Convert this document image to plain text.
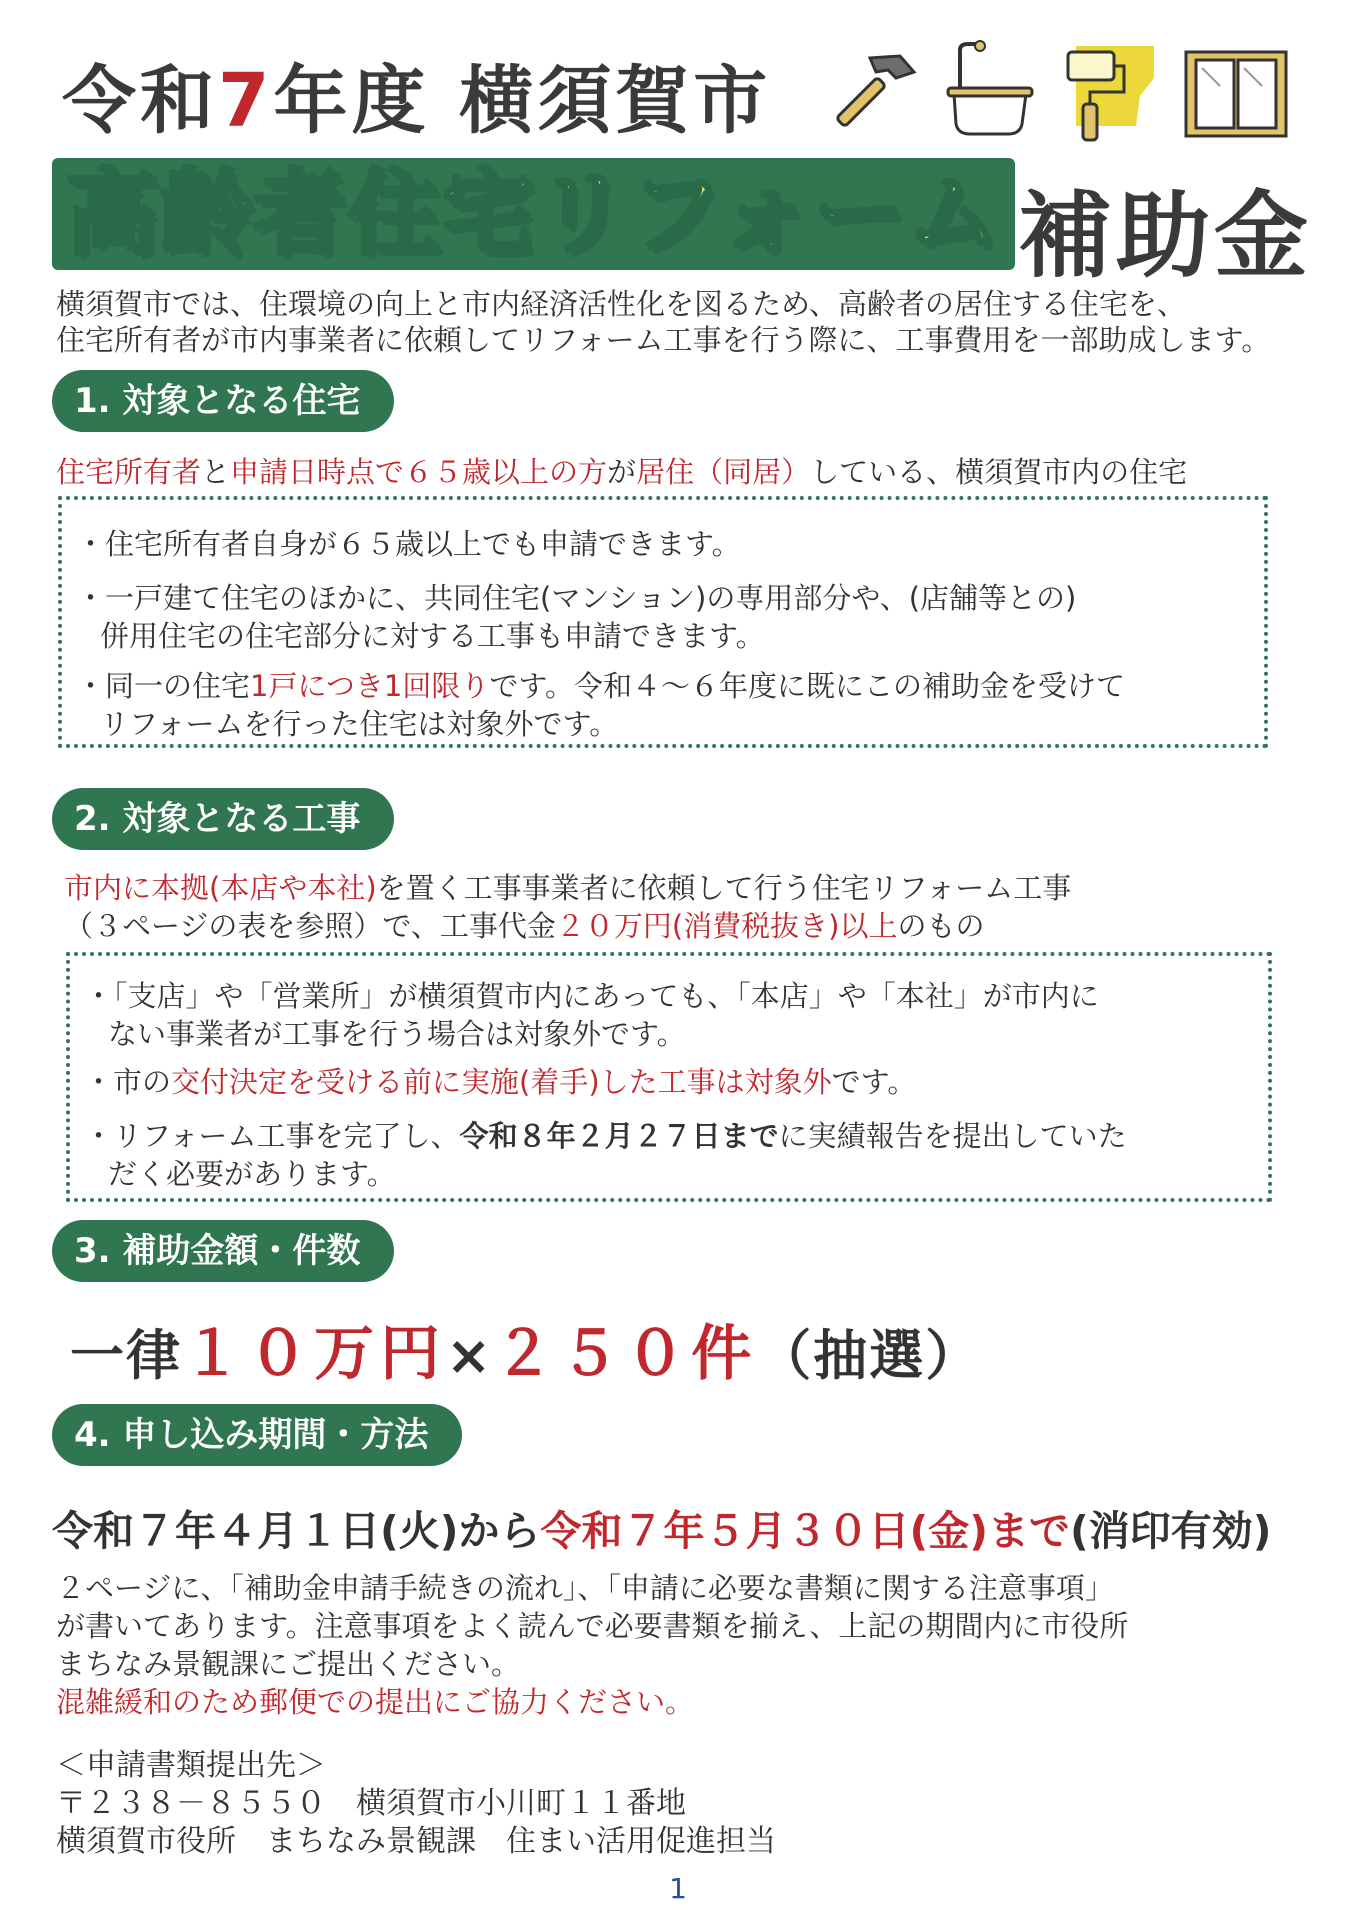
令和7年度 横須賀市
高齢者住宅リフォーム 補助金
横須賀市では、住環境の向上と市内経済活性化を図るため、高齢者の居住する住宅を、
住宅所有者が市内事業者に依頼してリフォーム工事を行う際に、工事費用を一部助成します。
1. 対象となる住宅
住宅所有者と申請日時点で６５歳以上の方が居住（同居）している、横須賀市内の住宅
・住宅所有者自身が６５歳以上でも申請できます。
・一戸建て住宅のほかに、共同住宅(マンション)の専用部分や、(店舗等との)
併用住宅の住宅部分に対する工事も申請できます。
・同一の住宅1戸につき1回限りです。令和４～６年度に既にこの補助金を受けて
リフォームを行った住宅は対象外です。
2. 対象となる工事
市内に本拠(本店や本社)を置く工事事業者に依頼して行う住宅リフォーム工事
（３ページの表を参照）で、工事代金２０万円(消費税抜き)以上のもの
・「支店」や「営業所」が横須賀市内にあっても、「本店」や「本社」が市内に
ない事業者が工事を行う場合は対象外です。
・市の交付決定を受ける前に実施(着手)した工事は対象外です。
・リフォーム工事を完了し、令和８年２月２７日までに実績報告を提出していた
だく必要があります。
3. 補助金額・件数
一律１０万円×２５０件（抽選）
4. 申し込み期間・方法
令和７年４月１日(火)から令和７年５月３０日(金)まで(消印有効)
２ページに、「補助金申請手続きの流れ」、「申請に必要な書類に関する注意事項」
が書いてあります。注意事項をよく読んで必要書類を揃え、上記の期間内に市役所
まちなみ景観課にご提出ください。
混雑緩和のため郵便での提出にご協力ください。
＜申請書類提出先＞
〒２３８－８５５０　横須賀市小川町１１番地
横須賀市役所　まちなみ景観課　住まい活用促進担当
1
